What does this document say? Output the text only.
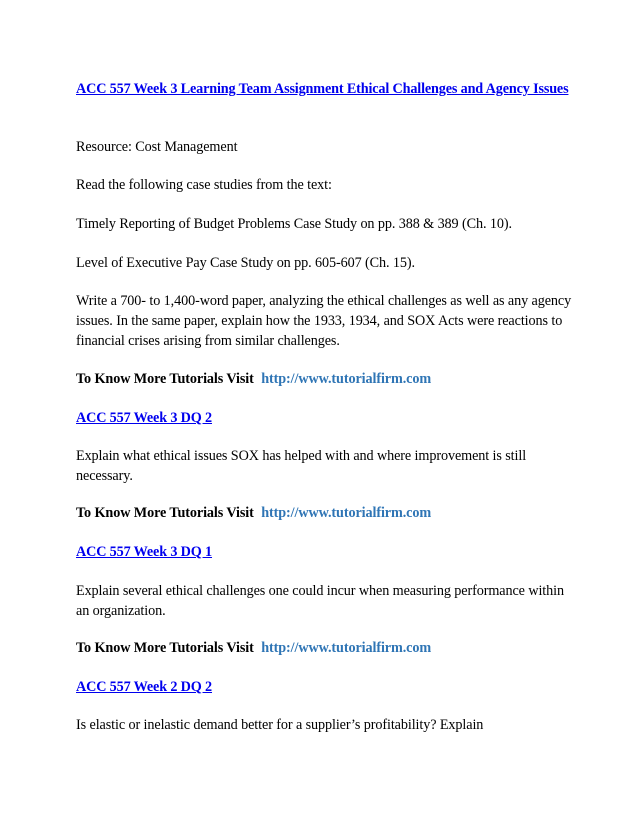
ACC 557 Week 3 Learning Team Assignment Ethical Challenges and Agency Issues
Resource: Cost Management
Read the following case studies from the text:
Timely Reporting of Budget Problems Case Study on pp. 388 & 389 (Ch. 10).
Level of Executive Pay Case Study on pp. 605-607 (Ch. 15).
Write a 700- to 1,400-word paper, analyzing the ethical challenges as well as any agency issues. In the same paper, explain how the 1933, 1934, and SOX Acts were reactions to financial crises arising from similar challenges.
To Know More Tutorials Visit http://www.tutorialfirm.com
ACC 557 Week 3 DQ 2
Explain what ethical issues SOX has helped with and where improvement is still necessary.
To Know More Tutorials Visit http://www.tutorialfirm.com
ACC 557 Week 3 DQ 1
Explain several ethical challenges one could incur when measuring performance within an organization.
To Know More Tutorials Visit http://www.tutorialfirm.com
ACC 557 Week 2 DQ 2
Is elastic or inelastic demand better for a supplier’s profitability? Explain
